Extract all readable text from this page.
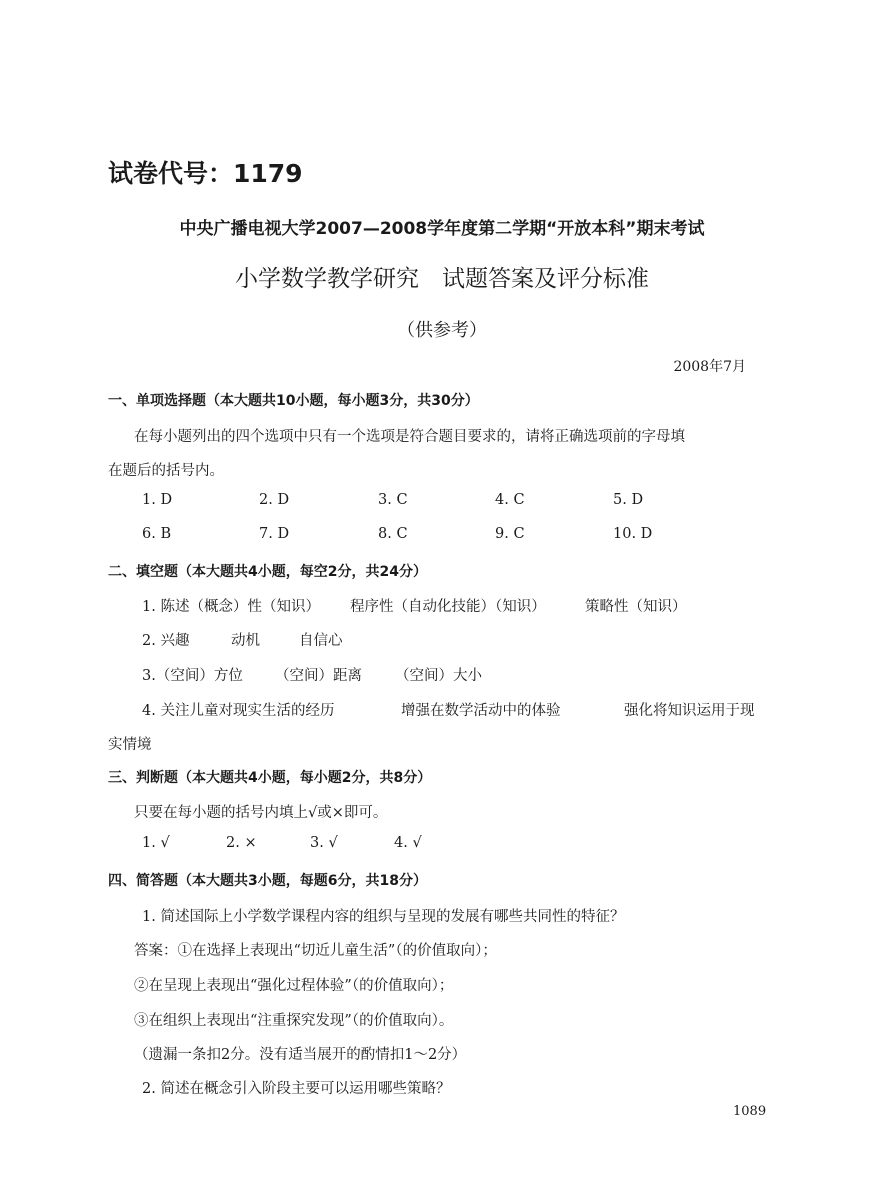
试卷代号：1179
中央广播电视大学2007—2008学年度第二学期“开放本科”期末考试
小学数学教学研究　试题答案及评分标准
（供参考）
2008年7月
一、单项选择题（本大题共10小题，每小题3分，共30分）
在每小题列出的四个选项中只有一个选项是符合题目要求的，请将正确选项前的字母填
在题后的括号内。
1. D	2. D	3. C	4. C	5. D
6. B	7. D	8. C	9. C	10. D
二、填空题（本大题共4小题，每空2分，共24分）
1. 陈述（概念）性（知识） 程序性（自动化技能）（知识）	策略性（知识）
2. 兴趣	动机	自信心
3.（空间）方位 （空间）距离 （空间）大小
4. 关注儿童对现实生活的经历	增强在数学活动中的体验	强化将知识运用于现
实情境
三、判断题（本大题共4小题，每小题2分，共8分）
只要在每小题的括号内填上√或×即可。
1. √	2. ×	3. √	4. √
四、简答题（本大题共3小题，每题6分，共18分）
1. 简述国际上小学数学课程内容的组织与呈现的发展有哪些共同性的特征？
答案：①在选择上表现出“切近儿童生活”（的价值取向）；
②在呈现上表现出“强化过程体验”（的价值取向）；
③在组织上表现出“注重探究发现”（的价值取向）。
（遗漏一条扣2分。没有适当展开的酌情扣1～2分）
2. 简述在概念引入阶段主要可以运用哪些策略？
1089
